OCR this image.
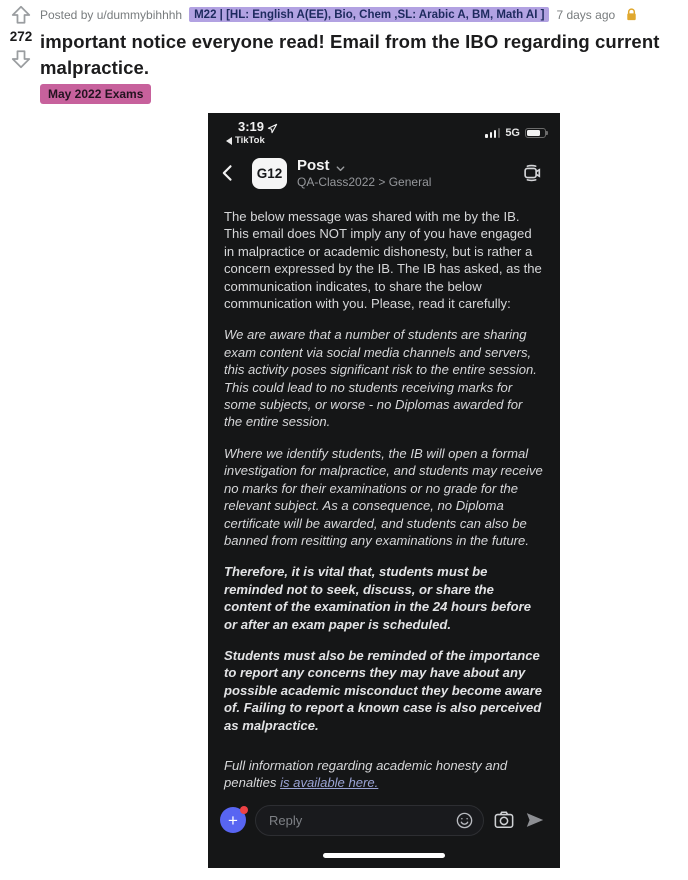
272
Posted by u/dummybihhhh	M22 | [HL: English A(EE), Bio, Chem ,SL: Arabic A, BM, Math AI ]	7 days ago
important notice everyone read! Email from the IBO regarding current malpractice.
May 2022 Exams
3:19
TikTok
5G
G12 Post
QA-Class2022 > General

The below message was shared with me by the IB. This email does NOT imply any of you have engaged in malpractice or academic dishonesty, but is rather a concern expressed by the IB. The IB has asked, as the communication indicates, to share the below communication with you. Please, read it carefully:

We are aware that a number of students are sharing exam content via social media channels and servers, this activity poses significant risk to the entire session. This could lead to no students receiving marks for some subjects, or worse - no Diplomas awarded for the entire session.

Where we identify students, the IB will open a formal investigation for malpractice, and students may receive no marks for their examinations or no grade for the relevant subject. As a consequence, no Diploma certificate will be awarded, and students can also be banned from resitting any examinations in the future.

Therefore, it is vital that, students must be reminded not to seek, discuss, or share the content of the examination in the 24 hours before or after an exam paper is scheduled.

Students must also be reminded of the importance to report any concerns they may have about any possible academic misconduct they become aware of. Failing to report a known case is also perceived as malpractice.

Full information regarding academic honesty and penalties is available here.

+
Reply
